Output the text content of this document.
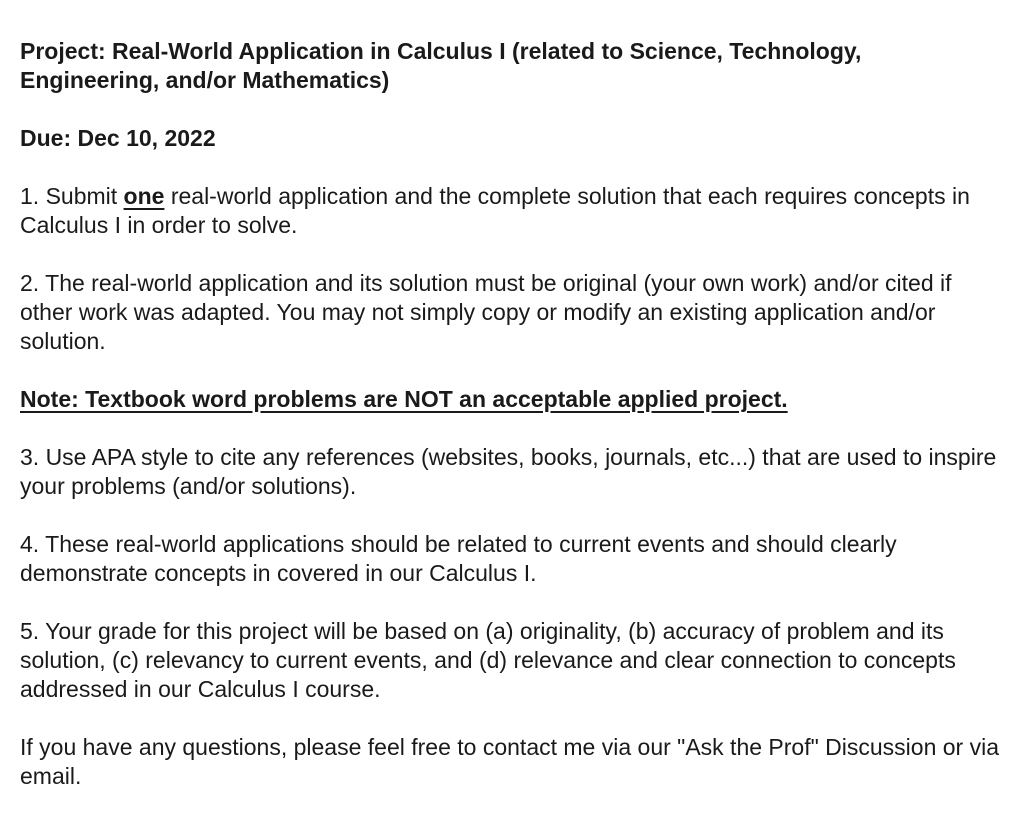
Project: Real-World Application in Calculus I (related to Science, Technology, Engineering, and/or Mathematics)

Due: Dec 10, 2022

1. Submit one real-world application and the complete solution that each requires concepts in Calculus I in order to solve.

2. The real-world application and its solution must be original (your own work) and/or cited if other work was adapted. You may not simply copy or modify an existing application and/or solution.

Note: Textbook word problems are NOT an acceptable applied project.

3. Use APA style to cite any references (websites, books, journals, etc...) that are used to inspire your problems (and/or solutions).

4. These real-world applications should be related to current events and should clearly demonstrate concepts in covered in our Calculus I.

5. Your grade for this project will be based on (a) originality, (b) accuracy of problem and its solution, (c) relevancy to current events, and (d) relevance and clear connection to concepts addressed in our Calculus I course.

If you have any questions, please feel free to contact me via our "Ask the Prof" Discussion or via email.
